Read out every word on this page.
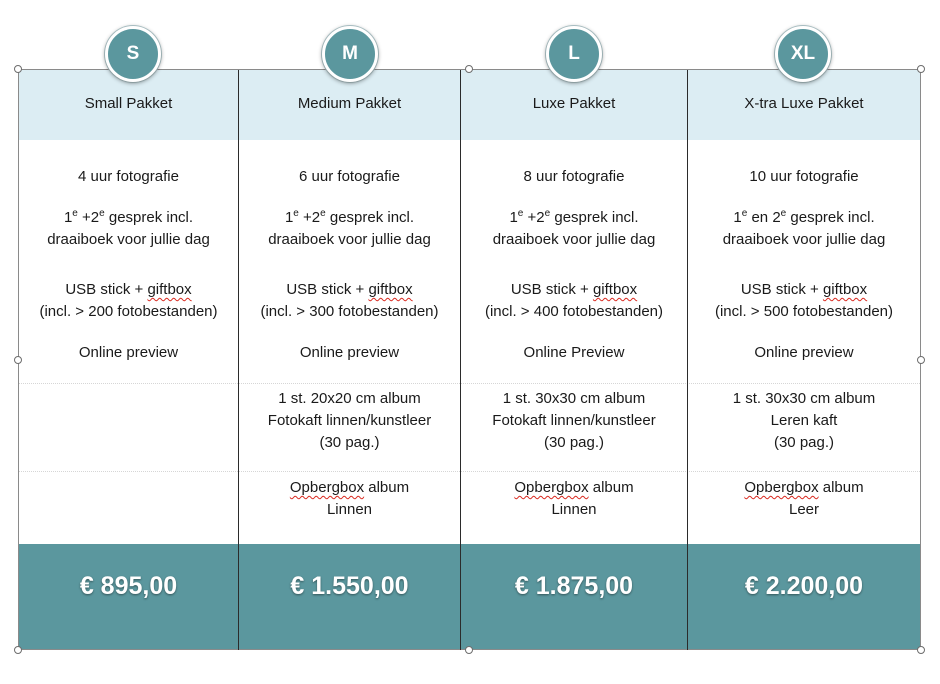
S
Small Pakket
4 uur fotografie
$1^e +2^e$ gesprek incl.
draaiboek voor jullie dag
USB stick + giftbox
(incl. > 200 fotobestanden)
Online preview
€ 895,00
M
Medium Pakket
6 uur fotografie
$1^e +2^e$ gesprek incl.
draaiboek voor jullie dag
USB stick + giftbox
(incl. > 300 fotobestanden)
Online preview
1 st. 20x20 cm album
Fotokaft linnen/kunstleer
(30 pag.)
Opbergbox album
Linnen
€ 1.550,00
L
Luxe Pakket
8 uur fotografie
$1^e +2^e$ gesprek incl.
draaiboek voor jullie dag
USB stick + giftbox
(incl. > 400 fotobestanden)
Online Preview
1 st. 30x30 cm album
Fotokaft linnen/kunstleer
(30 pag.)
Opbergbox album
Linnen
€ 1.875,00
XL
X-tra Luxe Pakket
10 uur fotografie
1e en 2e gesprek incl.
draaiboek voor jullie dag
USB stick + giftbox
(incl. > 500 fotobestanden)
Online preview
1 st. 30x30 cm album
Leren kaft
(30 pag.)
Opbergbox album
Leer
€ 2.200,00
